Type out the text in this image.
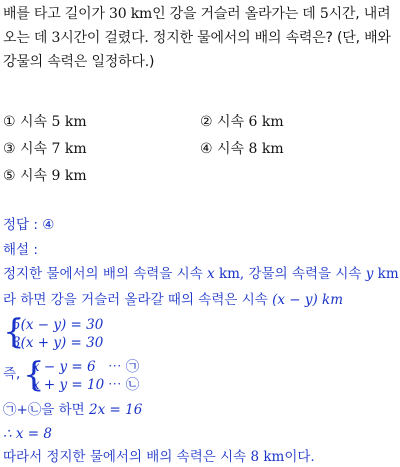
배를 타고 길이가 30 km인 강을 거슬러 올라가는 데 5시간, 내려오는 데 3시간이 걸렸다. 정지한 물에서의 배의 속력은? (단, 배와 강물의 속력은 일정하다.)
① 시속 5 km	② 시속 6 km
③ 시속 7 km	④ 시속 8 km
⑤ 시속 9 km
정답 : ④
해설 :
정지한 물에서의 배의 속력을 시속 x km, 강물의 속력을 시속 y km
라 하면 강을 거슬러 올라갈 때의 속력은 시속 (x − y) km
{
5(x − y) = 30
3(x + y) = 30
즉, {
x − y = 6 ⋯ ㉠
x + y = 10 ⋯ ㉡
㉠+㉡을 하면 2x = 16
∴ x = 8
따라서 정지한 물에서의 배의 속력은 시속 8 km이다.
